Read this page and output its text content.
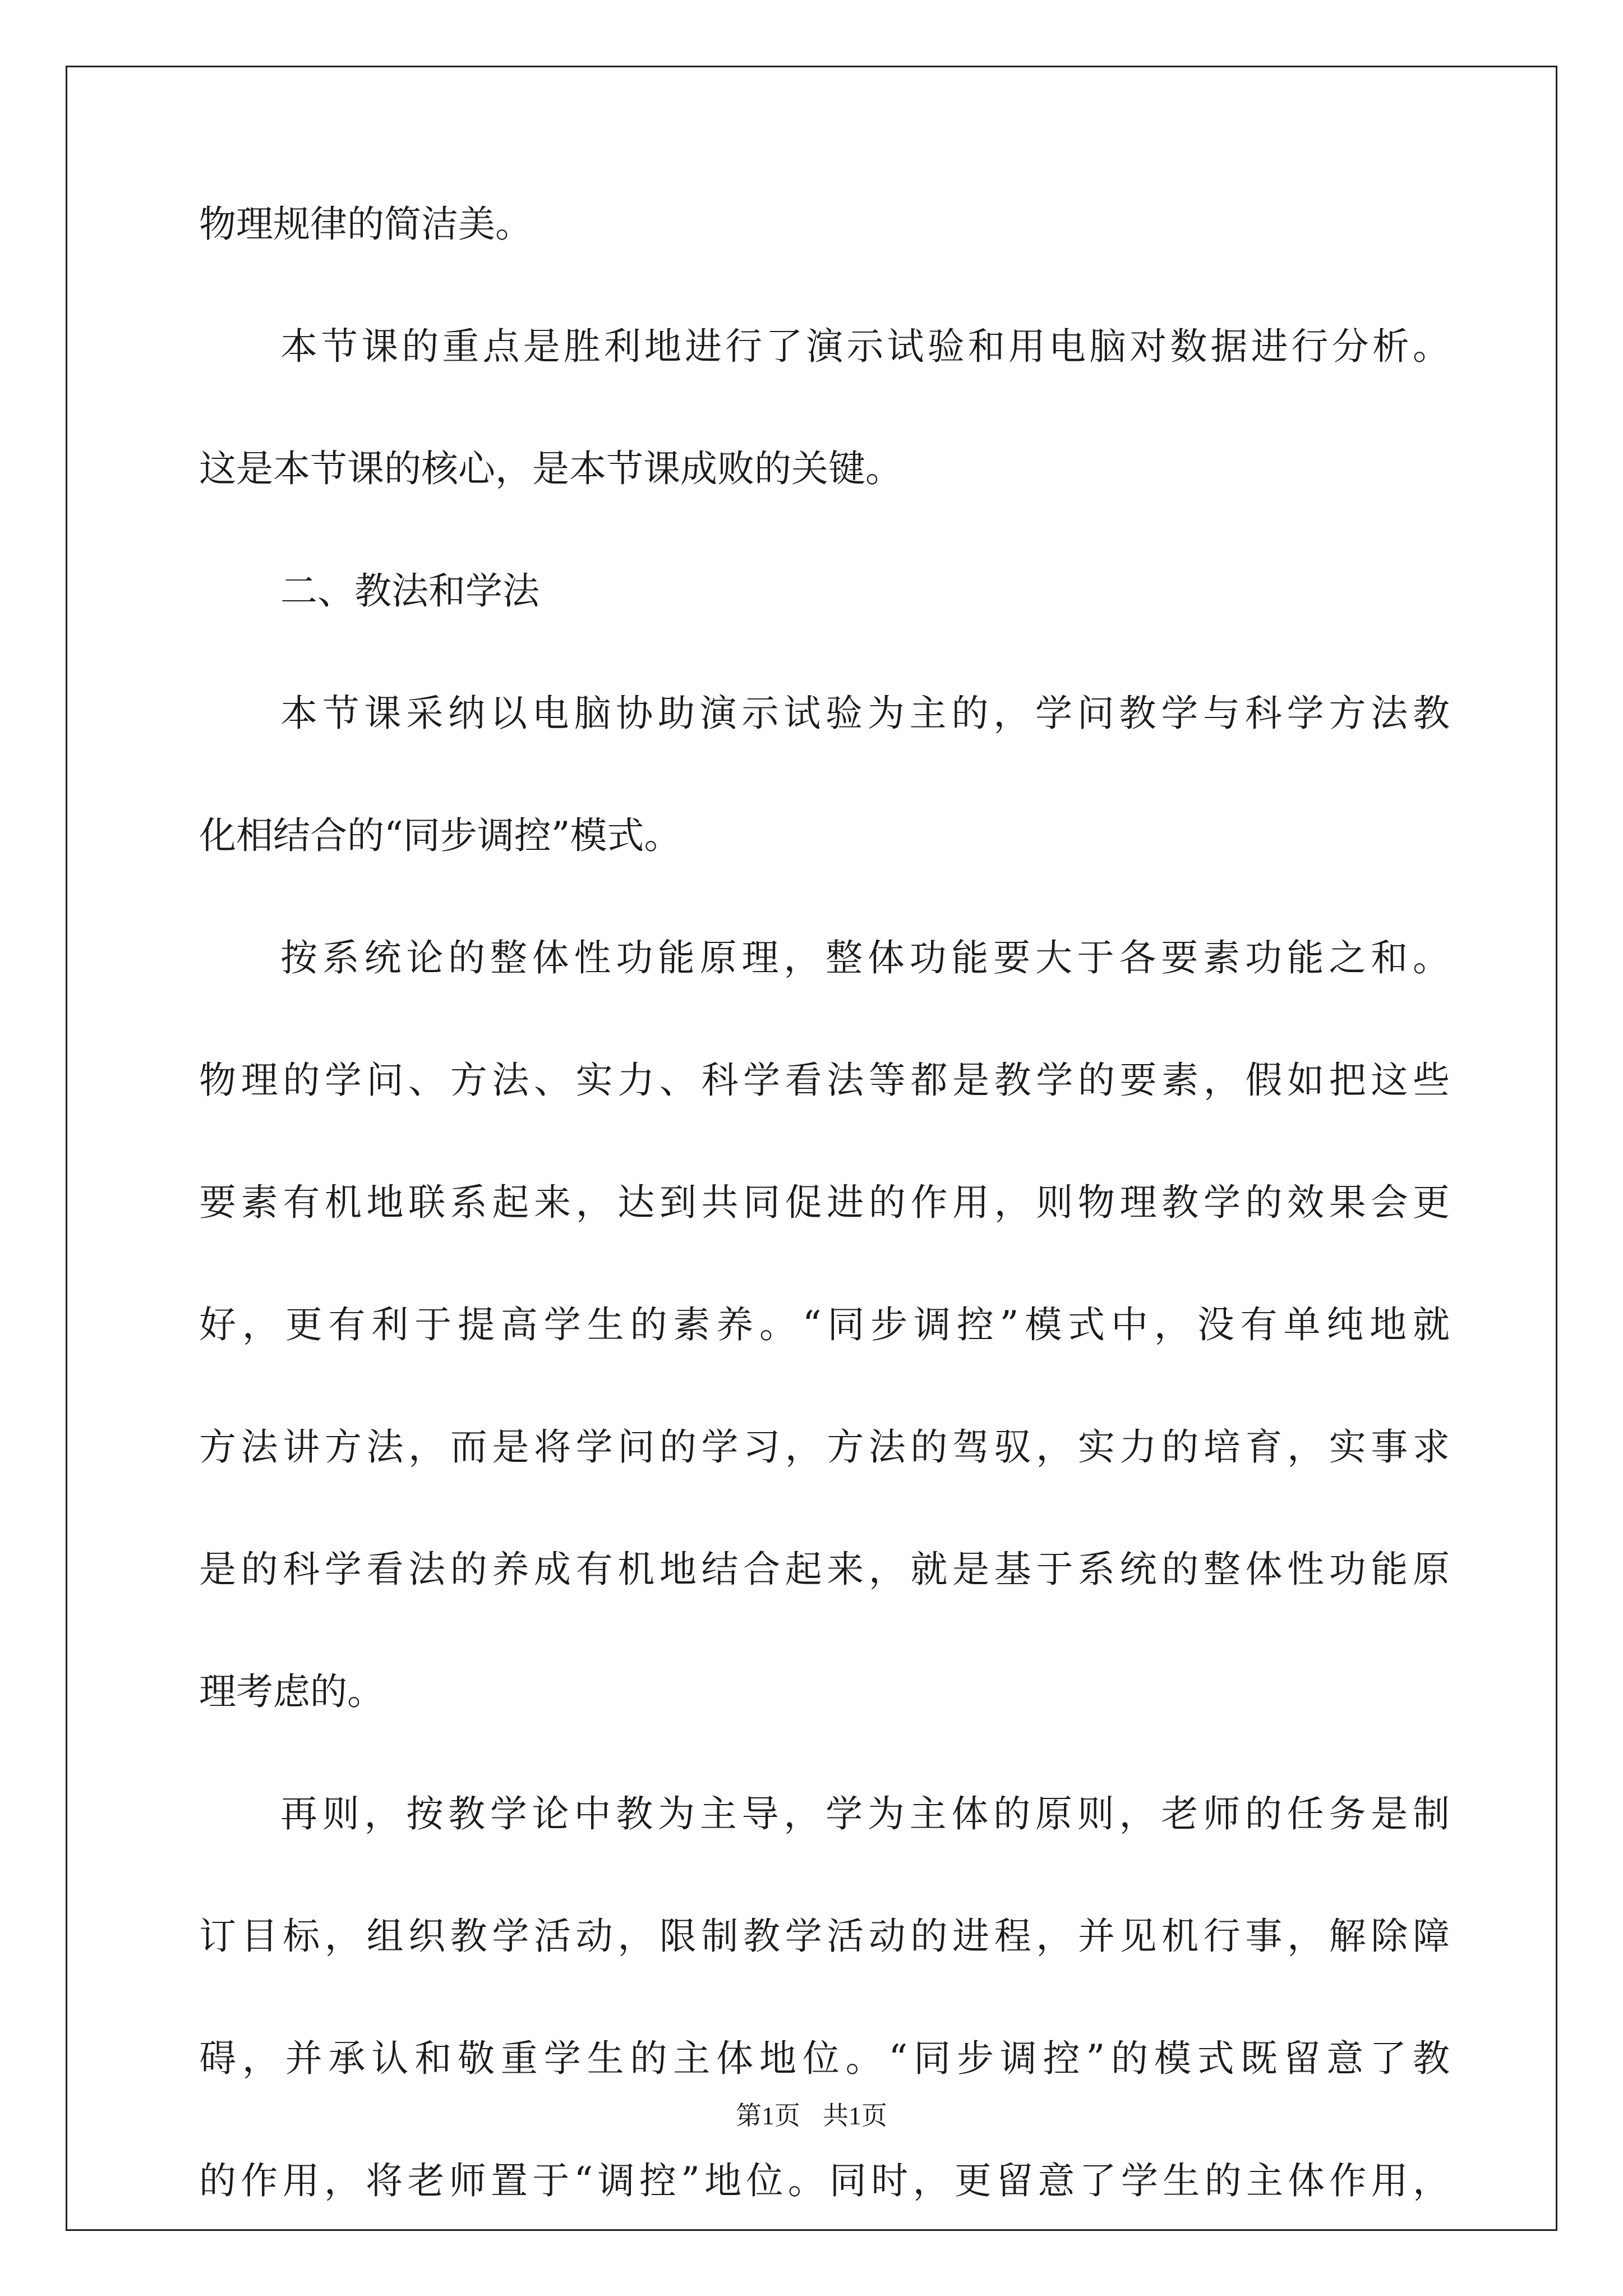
物理规律的简洁美。
本节课的重点是胜利地进行了演示试验和用电脑对数据进行分析。
这是本节课的核心，是本节课成败的关键。
二、教法和学法
本节课采纳以电脑协助演示试验为主的，学问教学与科学方法教
化相结合的“同步调控”模式。
按系统论的整体性功能原理，整体功能要大于各要素功能之和。
物理的学问、方法、实力、科学看法等都是教学的要素，假如把这些
要素有机地联系起来，达到共同促进的作用，则物理教学的效果会更
好，更有利于提高学生的素养。“同步调控”模式中，没有单纯地就
方法讲方法，而是将学问的学习，方法的驾驭，实力的培育，实事求
是的科学看法的养成有机地结合起来，就是基于系统的整体性功能原
理考虑的。
再则，按教学论中教为主导，学为主体的原则，老师的任务是制
订目标，组织教学活动，限制教学活动的进程，并见机行事，解除障
碍，并承认和敬重学生的主体地位。“同步调控”的模式既留意了教
的作用，将老师置于“调控”地位。同时，更留意了学生的主体作用，
第1页 共1页
